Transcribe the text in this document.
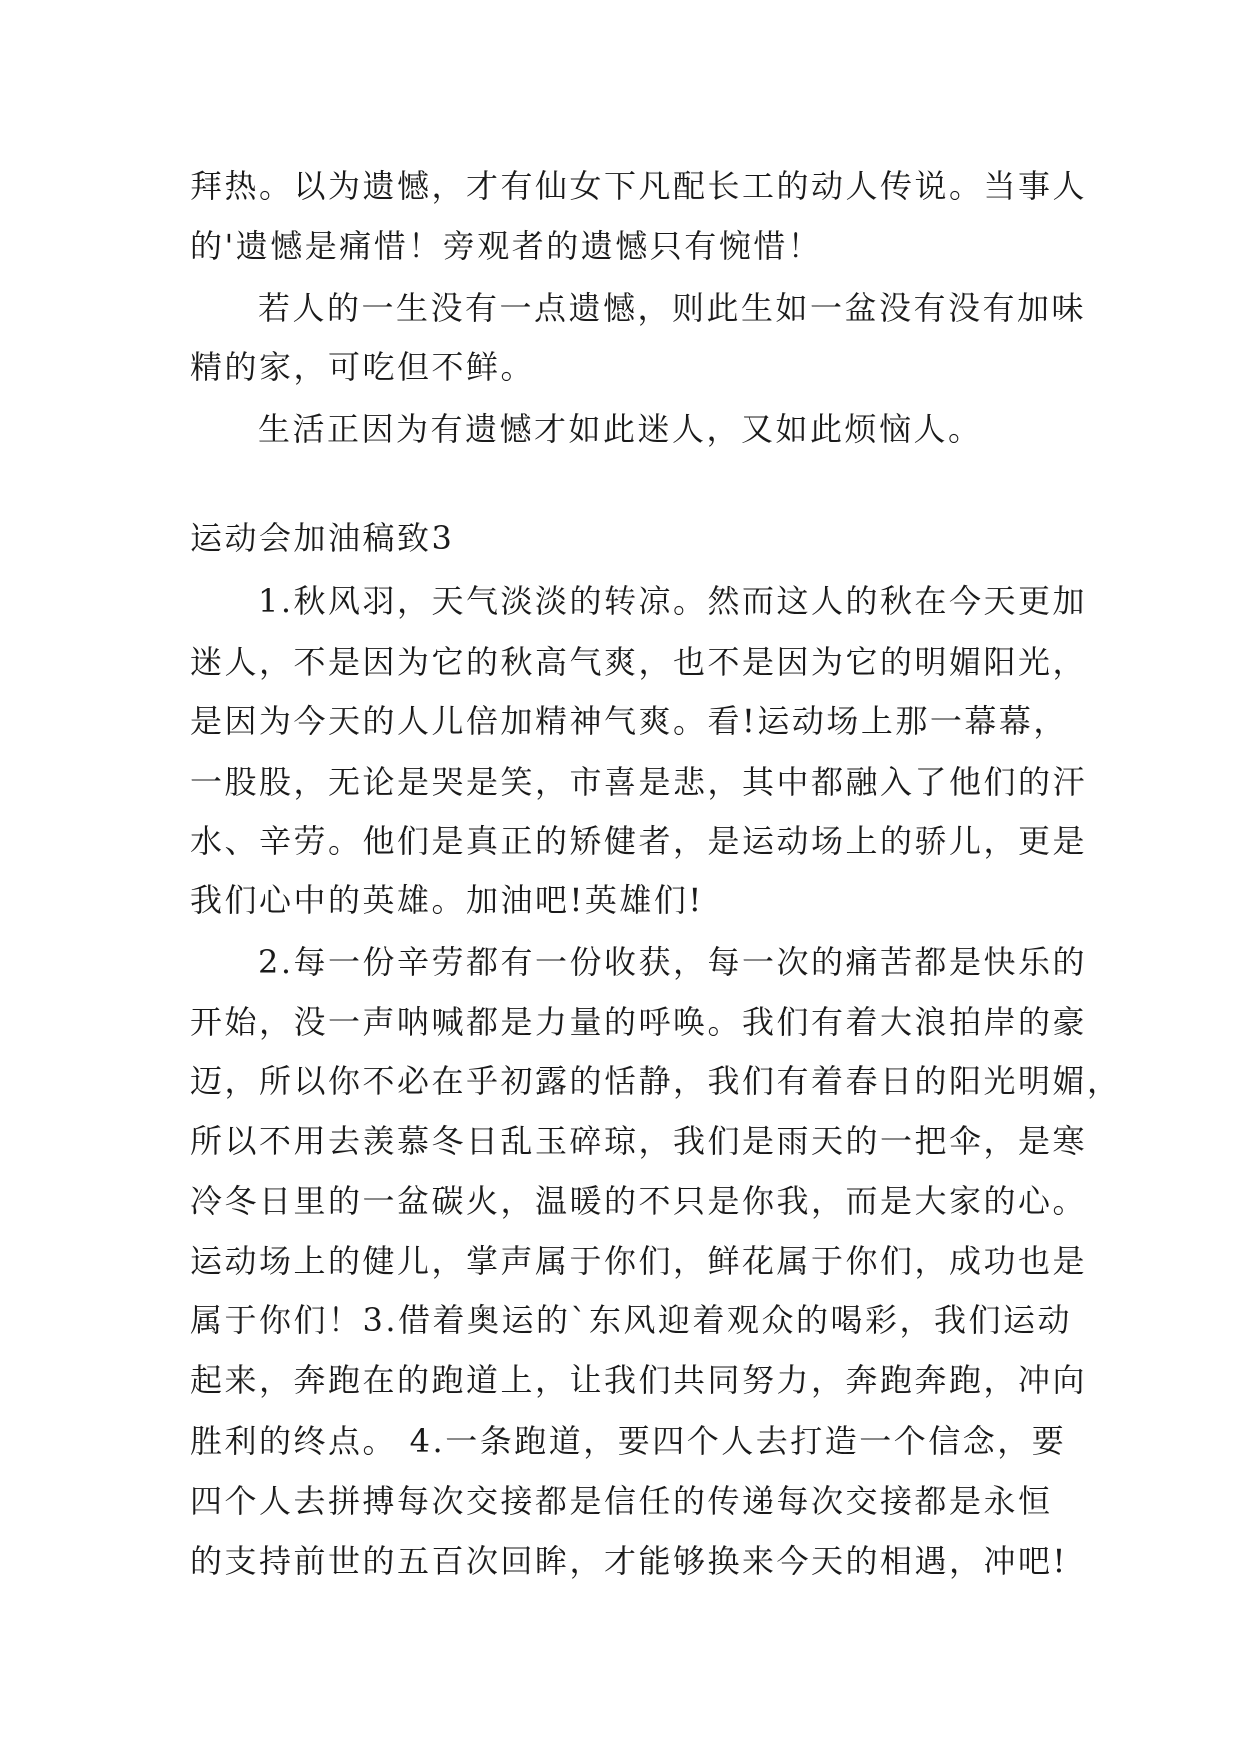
拜热。以为遗憾，才有仙女下凡配长工的动人传说。当事人
的'遗憾是痛惜！旁观者的遗憾只有惋惜！
若人的一生没有一点遗憾，则此生如一盆没有没有加味
精的家，可吃但不鲜。
生活正因为有遗憾才如此迷人，又如此烦恼人。
运动会加油稿致3
1.秋风羽，天气淡淡的转凉。然而这人的秋在今天更加
迷人，不是因为它的秋高气爽，也不是因为它的明媚阳光，
是因为今天的人儿倍加精神气爽。看!运动场上那一幕幕，
一股股，无论是哭是笑，市喜是悲，其中都融入了他们的汗
水、辛劳。他们是真正的矫健者，是运动场上的骄儿，更是
我们心中的英雄。加油吧!英雄们!
2.每一份辛劳都有一份收获，每一次的痛苦都是快乐的
开始，没一声呐喊都是力量的呼唤。我们有着大浪拍岸的豪
迈，所以你不必在乎初露的恬静，我们有着春日的阳光明媚，
所以不用去羡慕冬日乱玉碎琼，我们是雨天的一把伞，是寒
冷冬日里的一盆碳火，温暖的不只是你我，而是大家的心。
运动场上的健儿，掌声属于你们，鲜花属于你们，成功也是
属于你们！3.借着奥运的`东风迎着观众的喝彩，我们运动
起来，奔跑在的跑道上，让我们共同努力，奔跑奔跑，冲向
胜利的终点。 4.一条跑道，要四个人去打造一个信念，要
四个人去拼搏每次交接都是信任的传递每次交接都是永恒
的支持前世的五百次回眸，才能够换来今天的相遇，冲吧!
